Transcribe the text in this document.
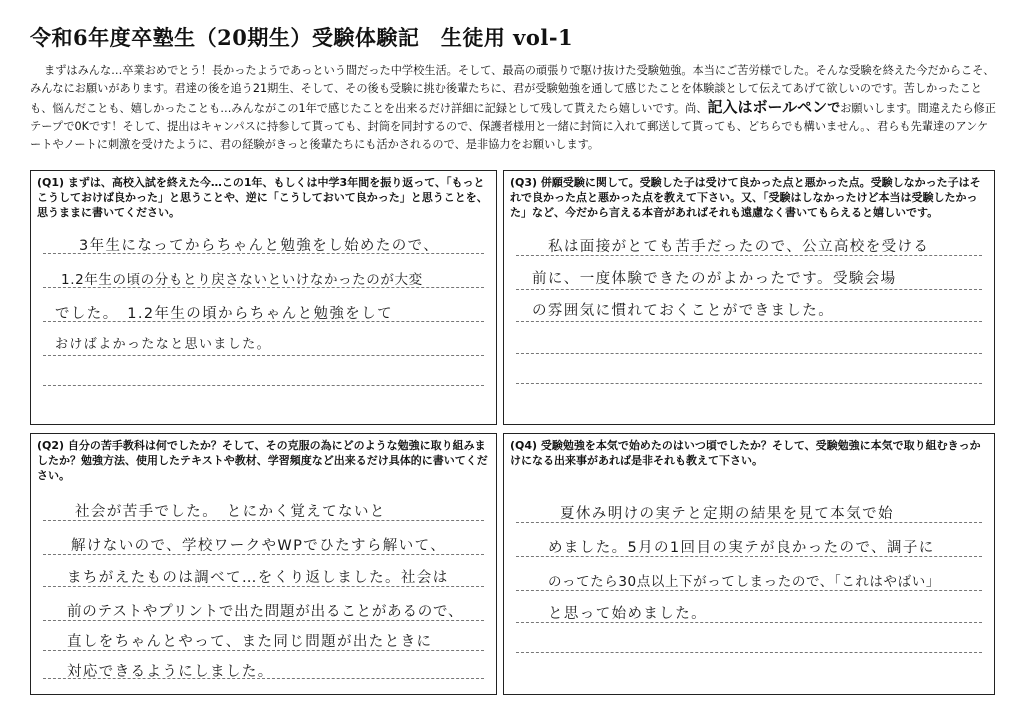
令和6年度卒塾生（20期生）受験体験記　生徒用 vol-1

まずはみんな…卒業おめでとう！長かったようであっという間だった中学校生活。そして、最高の頑張りで駆け抜けた受験勉強。本当にご苦労様でした。そんな受験を終えた今だからこそ、みんなにお願いがあります。君達の後を追う21期生、そして、その後も受験に挑む後輩たちに、君が受験勉強を通して感じたことを体験談として伝えてあげて欲しいのです。苦しかったことも、悩んだことも、嬉しかったことも…みんながこの1年で感じたことを出来るだけ詳細に記録として残して貰えたら嬉しいです。尚、記入はボールペンでお願いします。間違えたら修正テープで0Kです！そして、提出はキャンパスに持参して貰っても、封筒を同封するので、保護者様用と一緒に封筒に入れて郵送して貰っても、どちらでも構いません。、君らも先輩達のアンケートやノートに刺激を受けたように、君の経験がきっと後輩たちにも活かされるので、是非協力をお願いします。

(Q1) まずは、高校入試を終えた今…この1年、もしくは中学3年間を振り返って、「もっとこうしておけば良かった」と思うことや、逆に「こうしておいて良かった」と思うことを、思うままに書いてください。
3年生になってからちゃんと勉強をし始めたので、
1.2年生の頃の分もとり戻さないといけなかったのが大変
でした。　1.2年生の頃からちゃんと勉強をして
おけばよかったなと思いました。
(Q3) 併願受験に関して。受験した子は受けて良かった点と悪かった点。受験しなかった子はそれで良かった点と悪かった点を教えて下さい。又、「受験はしなかったけど本当は受験したかった」など、今だから言える本音があればそれも遠慮なく書いてもらえると嬉しいです。
私は面接がとても苦手だったので、公立高校を受ける
前に、一度体験できたのがよかったです。受験会場
の雰囲気に慣れておくことができました。
(Q2) 自分の苦手教科は何でしたか？そして、その克服の為にどのような勉強に取り組みましたか？勉強方法、使用したテキストや教材、学習頻度など出来るだけ具体的に書いてください。
社会が苦手でした。　とにかく覚えてないと
解けないので、学校ワークやWPでひたすら解いて、
まちがえたものは調べて…をくり返しました。社会は
前のテストやプリントで出た問題が出ることがあるので、
直しをちゃんとやって、また同じ問題が出たときに
対応できるようにしました。
(Q4) 受験勉強を本気で始めたのはいつ頃でしたか？そして、受験勉強に本気で取り組むきっかけになる出来事があれば是非それも教えて下さい。
夏休み明けの実テと定期の結果を見て本気で始
めました。5月の1回目の実テが良かったので、調子に
のってたら30点以上下がってしまったので、「これはやばい」
と思って始めました。
